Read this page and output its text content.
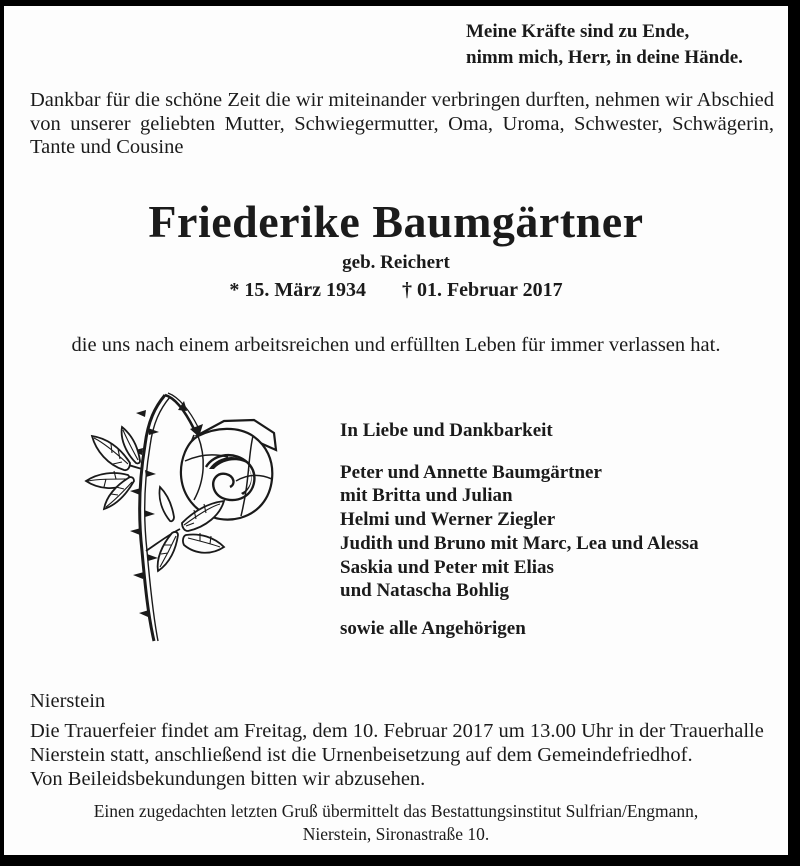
Meine Kräfte sind zu Ende,
nimm mich, Herr, in deine Hände.
Dankbar für die schöne Zeit die wir miteinander verbringen durften, nehmen wir Abschied von unserer geliebten Mutter, Schwiegermutter, Oma, Uroma, Schwester, Schwägerin, Tante und Cousine
Friederike Baumgärtner
geb. Reichert
* 15. März 1934 † 01. Februar 2017
die uns nach einem arbeitsreichen und erfüllten Leben für immer verlassen hat.
In Liebe und Dankbarkeit
Peter und Annette Baumgärtner
mit Britta und Julian
Helmi und Werner Ziegler
Judith und Bruno mit Marc, Lea und Alessa
Saskia und Peter mit Elias
und Natascha Bohlig
sowie alle Angehörigen
Nierstein
Die Trauerfeier findet am Freitag, dem 10. Februar 2017 um 13.00 Uhr in der Trauerhalle Nierstein statt, anschließend ist die Urnenbeisetzung auf dem Gemeindefriedhof.
Von Beileidsbekundungen bitten wir abzusehen.
Einen zugedachten letzten Gruß übermittelt das Bestattungsinstitut Sulfrian/Engmann,
Nierstein, Sironastraße 10.
